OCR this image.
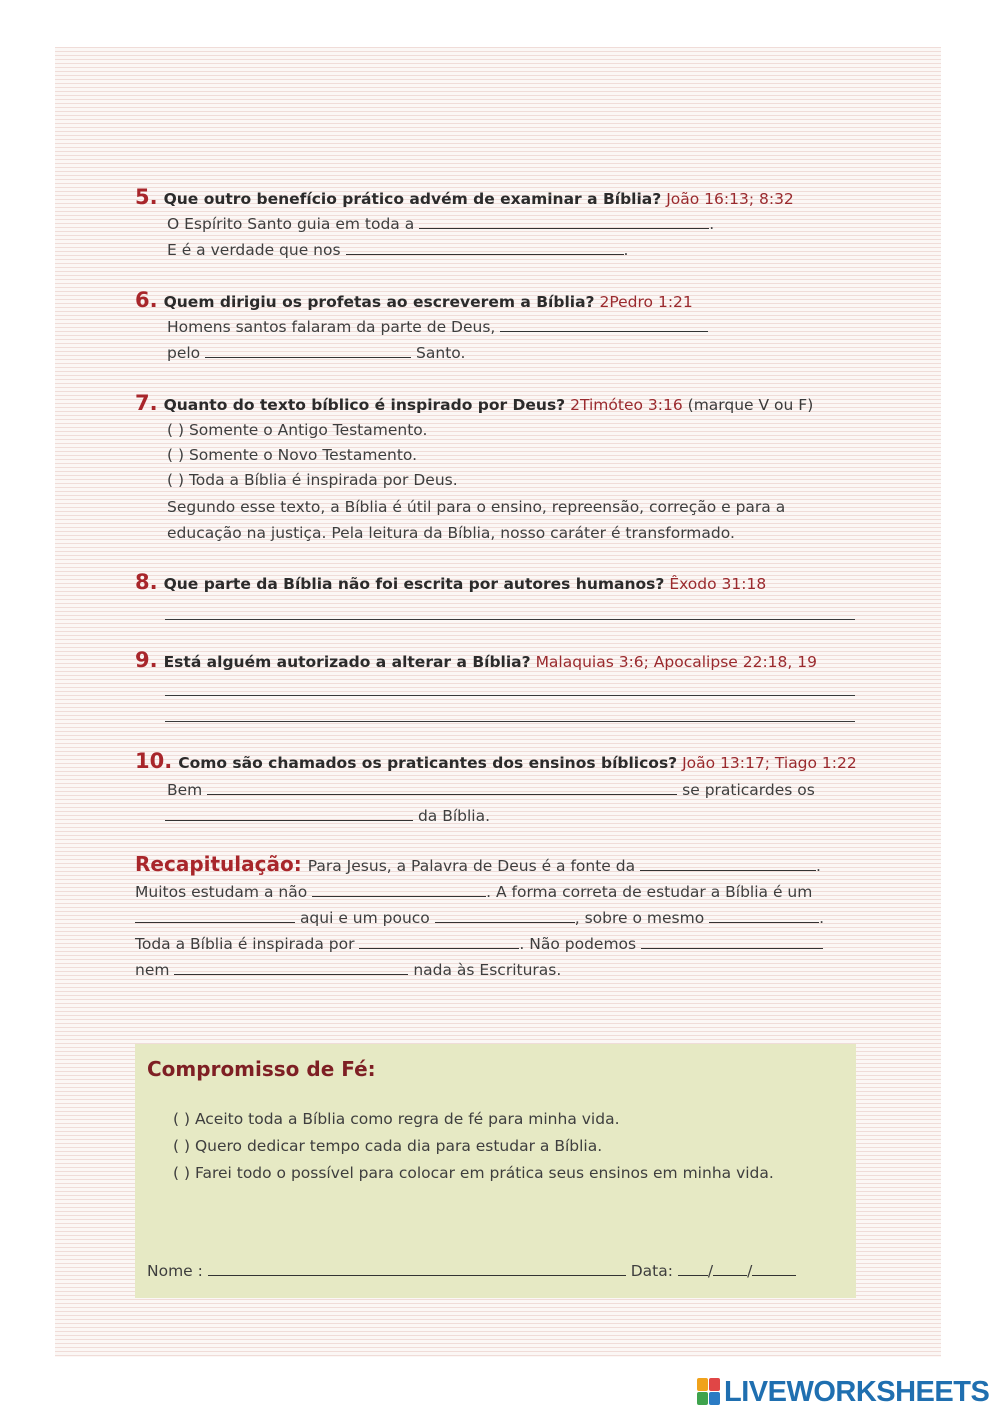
5. Que outro benefício prático advém de examinar a Bíblia? João 16:13; 8:32
O Espírito Santo guia em toda a	.
E é a verdade que nos	.
6. Quem dirigiu os profetas ao escreverem a Bíblia? 2Pedro 1:21
Homens santos falaram da parte de Deus,
pelo	Santo.
7. Quanto do texto bíblico é inspirado por Deus? 2Timóteo 3:16 (marque V ou F)
( ) Somente o Antigo Testamento.
( ) Somente o Novo Testamento.
( ) Toda a Bíblia é inspirada por Deus.
Segundo esse texto, a Bíblia é útil para o ensino, repreensão, correção e para a
educação na justiça. Pela leitura da Bíblia, nosso caráter é transformado.
8. Que parte da Bíblia não foi escrita por autores humanos? Êxodo 31:18
9. Está alguém autorizado a alterar a Bíblia? Malaquias 3:6; Apocalipse 22:18, 19
10. Como são chamados os praticantes dos ensinos bíblicos? João 13:17; Tiago 1:22
Bem	se praticardes os
da Bíblia.
Recapitulação: Para Jesus, a Palavra de Deus é a fonte da	.
Muitos estudam a não	. A forma correta de estudar a Bíblia é um
aqui e um pouco	, sobre o mesmo	.
Toda a Bíblia é inspirada por	. Não podemos
nem	nada às Escrituras.
Compromisso de Fé:
( ) Aceito toda a Bíblia como regra de fé para minha vida.
( ) Quero dedicar tempo cada dia para estudar a Bíblia.
( ) Farei todo o possível para colocar em prática seus ensinos em minha vida.
Nome :	Data: / /
LIVEWORKSHEETS
